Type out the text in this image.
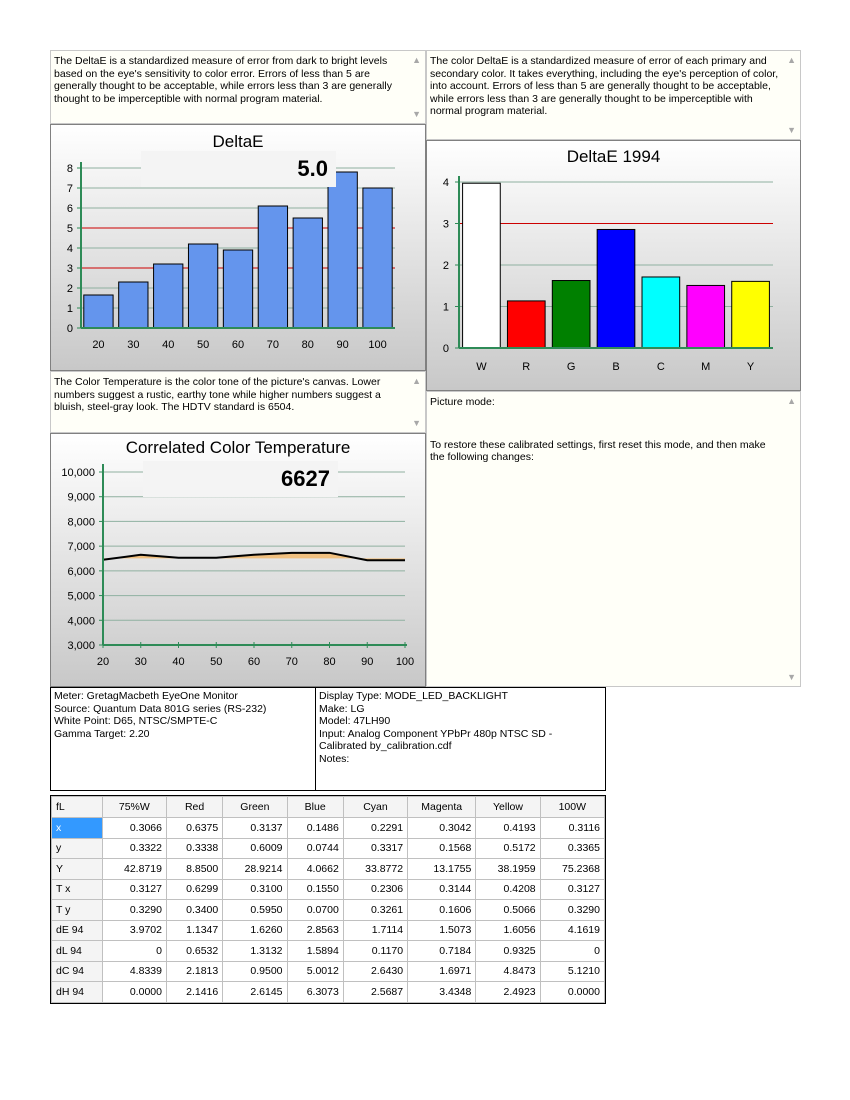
The DeltaE is a standardized measure of error from dark to bright levels based on the eye's sensitivity to color error. Errors of less than 5 are generally thought to be acceptable, while errors less than 3 are generally thought to be imperceptible with normal program material.
▲
▼
The color DeltaE is a standardized measure of error of each primary and secondary color. It takes everything, including the eye's perception of color, into account. Errors of less than 5 are generally thought to be acceptable, while errors less than 3 are generally thought to be imperceptible with normal program material.
▲
▼
DeltaE
0
1
2
3
4
5
6
7
8
20 30 40 50 60 70 80 90 100
5.0	DeltaE 1994
0
1
2
3
4
W	R	G	B	C	M	Y
The Color Temperature is the color tone of the picture's canvas. Lower numbers suggest a rustic, earthy tone while higher numbers suggest a bluish, steel-gray look. The HDTV standard is 6504.
▲
▼
Correlated Color Temperature
3,000
4,000
5,000
6,000
7,000
8,000
9,000
10,000
20 30 40 50 60 70 80 90 100
6627
Picture mode:
To restore these calibrated settings, first reset this mode, and then make the following changes:
▲
▼
Meter: GretagMacbeth EyeOne Monitor
Source: Quantum Data 801G series (RS-232)
White Point: D65, NTSC/SMPTE-C
Gamma Target: 2.20
Display Type: MODE_LED_BACKLIGHT
Make: LG
Model: 47LH90
Input: Analog Component YPbPr 480p NTSC SD -
Calibrated by_calibration.cdf
Notes:
fL	75%W	Red	Green	Blue	Cyan	Magenta	Yellow	100W
x	0.3066	0.6375	0.3137	0.1486	0.2291	0.3042	0.4193	0.3116
y	0.3322	0.3338	0.6009	0.0744	0.3317	0.1568	0.5172	0.3365
Y	42.8719	8.8500	28.9214	4.0662	33.8772	13.1755	38.1959	75.2368
T x	0.3127	0.6299	0.3100	0.1550	0.2306	0.3144	0.4208	0.3127
T y	0.3290	0.3400	0.5950	0.0700	0.3261	0.1606	0.5066	0.3290
dE 94	3.9702	1.1347	1.6260	2.8563	1.7114	1.5073	1.6056	4.1619
dL 94	0	0.6532	1.3132	1.5894	0.1170	0.7184	0.9325	0
dC 94	4.8339	2.1813	0.9500	5.0012	2.6430	1.6971	4.8473	5.1210
dH 94	0.0000	2.1416	2.6145	6.3073	2.5687	3.4348	2.4923	0.0000
